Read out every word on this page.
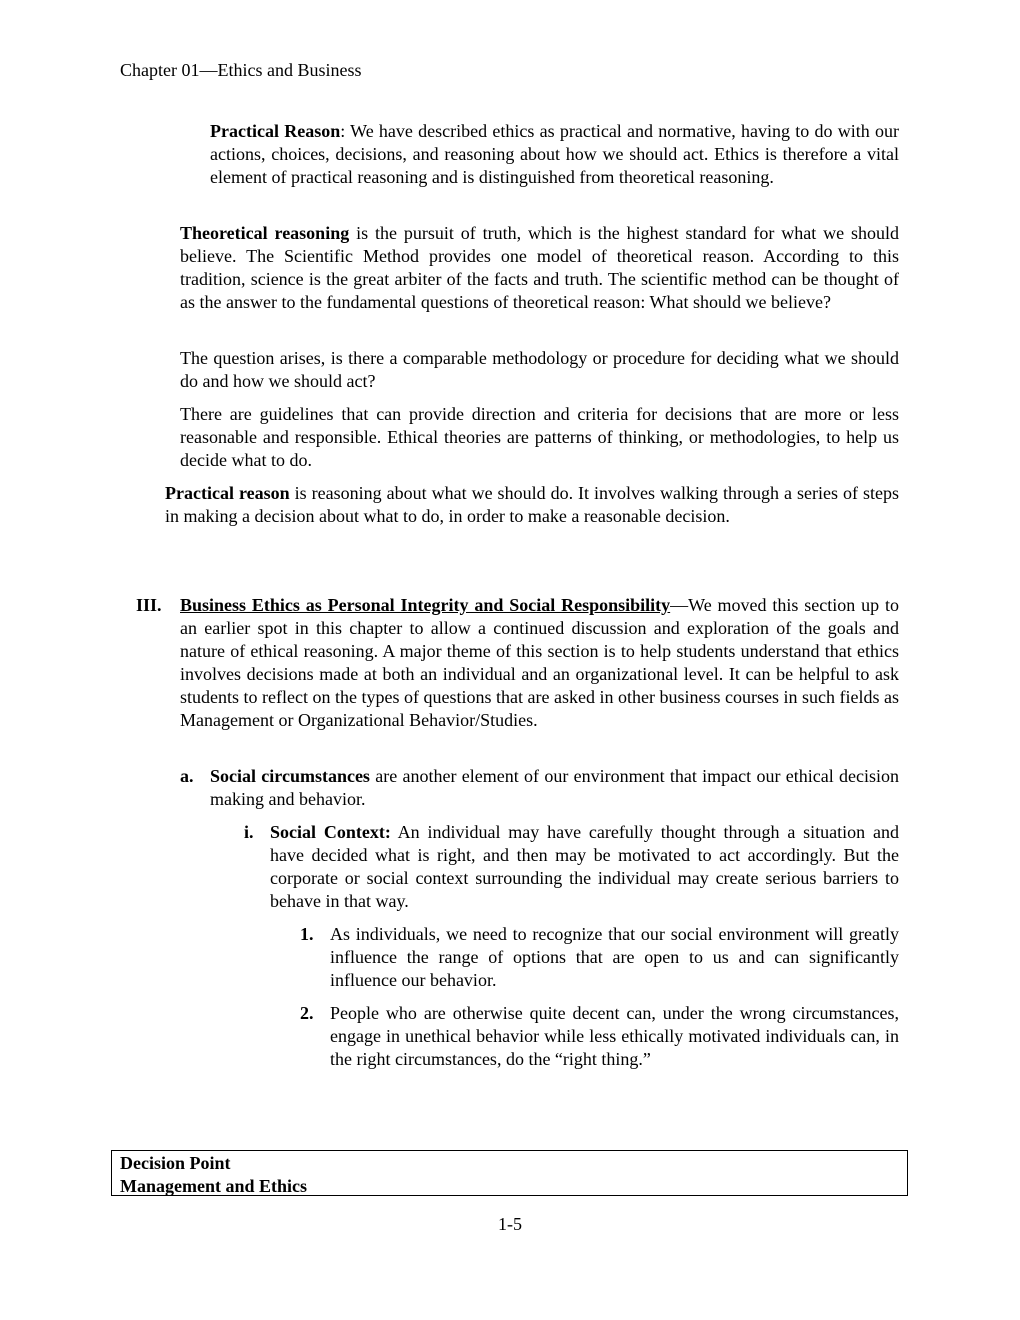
Chapter 01—Ethics and Business

Practical Reason: We have described ethics as practical and normative, having to do with our actions, choices, decisions, and reasoning about how we should act. Ethics is therefore a vital element of practical reasoning and is distinguished from theoretical reasoning.

Theoretical reasoning is the pursuit of truth, which is the highest standard for what we should believe. The Scientific Method provides one model of theoretical reason. According to this tradition, science is the great arbiter of the facts and truth. The scientific method can be thought of as the answer to the fundamental questions of theoretical reason: What should we believe?

The question arises, is there a comparable methodology or procedure for deciding what we should do and how we should act?

There are guidelines that can provide direction and criteria for decisions that are more or less reasonable and responsible. Ethical theories are patterns of thinking, or methodologies, to help us decide what to do.

Practical reason is reasoning about what we should do. It involves walking through a series of steps in making a decision about what to do, in order to make a reasonable decision.

III.	Business Ethics as Personal Integrity and Social Responsibility—We moved this section up to an earlier spot in this chapter to allow a continued discussion and exploration of the goals and nature of ethical reasoning. A major theme of this section is to help students understand that ethics involves decisions made at both an individual and an organizational level. It can be helpful to ask students to reflect on the types of questions that are asked in other business courses in such fields as Management or Organizational Behavior/Studies.

a. Social circumstances are another element of our environment that impact our ethical decision making and behavior.

i. Social Context: An individual may have carefully thought through a situation and have decided what is right, and then may be motivated to act accordingly. But the corporate or social context surrounding the individual may create serious barriers to behave in that way.

1. As individuals, we need to recognize that our social environment will greatly influence the range of options that are open to us and can significantly influence our behavior.

2. People who are otherwise quite decent can, under the wrong circumstances, engage in unethical behavior while less ethically motivated individuals can, in the right circumstances, do the “right thing.”

Decision Point
Management and Ethics
1-5
